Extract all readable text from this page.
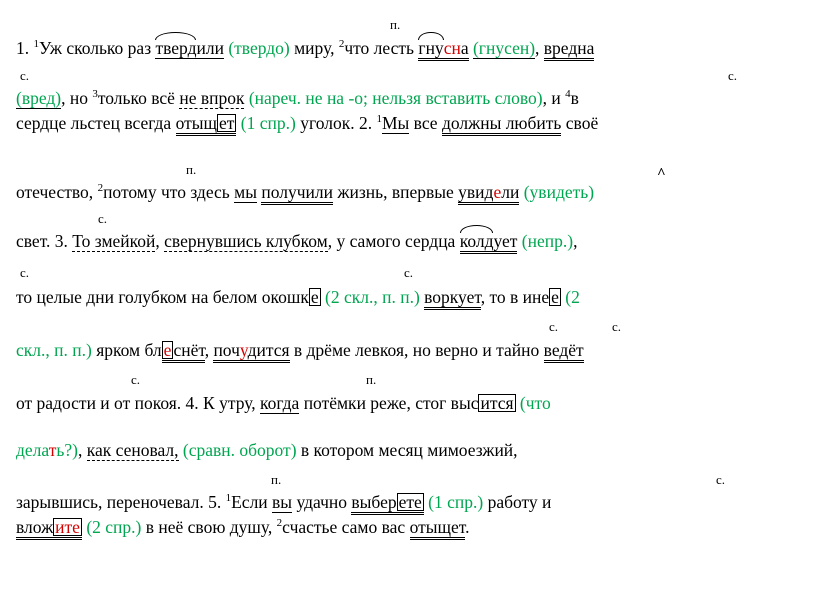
1. $^1$Уж сколько раз твердили (твердо) миру, $^2$что лесть гнусна (гнусен), вредна
(вред), но $^3$только всё не впрок (нареч. не на -о; нельзя вставить слово), и $^4$в
сердце льстец всегда отыщ ет (1 спр.) уголок. 2. $^1$Мы все должны любить своё
отечество, $^2$потому что здесь мы получили жизнь, впервые увидели (увидеть)
свет. 3. То змейкой, свернувшись клубком, у самого сердца колдует (непр.),
то целые дни голубком на белом окошк е (2 скл., п. п.) воркует, то в ине е (2
скл., п. п.) ярком бл е снёт, почудится в дрёме левкоя, но верно и тайно ведёт
от радости и от покоя. 4. К утру, когда потёмки реже, стог выс ится (что
делать?), как сеновал, (сравн. оборот) в котором месяц мимоезжий,
зарывшись, переночевал. 5. $^1$Если вы удачно выбер ете (1 спр.) работу и
влож ите (2 спр.) в неё свою душу, $^2$счастье само вас отыщет.
п.
с.	с.
п.	^
с.
с.	с.
с.	с.
с.	п.
п.	с.
